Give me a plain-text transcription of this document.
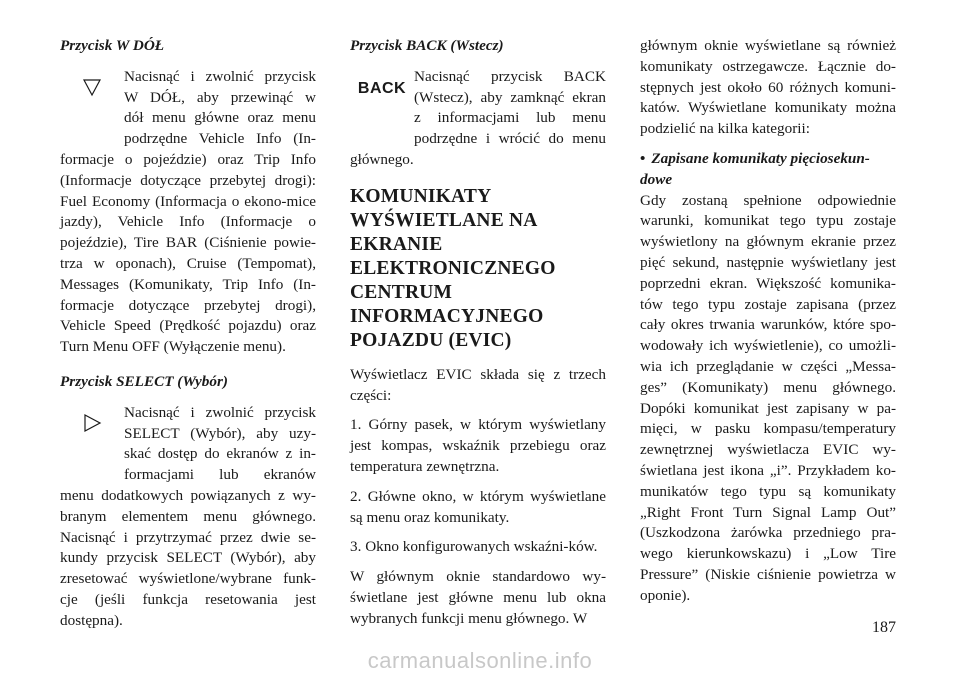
Przycisk W DÓŁ
Nacisnąć i zwolnić przycisk
W DÓŁ, aby przewinąć w
dół menu główne oraz menu
podrzędne Vehicle Info (In-

formacje o pojeździe) oraz Trip Info (Informacje dotyczące przebytej drogi): Fuel Economy (Informacja o ekono-mice jazdy), Vehicle Info (Informacje o pojeździe), Tire BAR (Ciśnienie powie-trza w oponach), Cruise (Tempomat), Messages (Komunikaty, Trip Info (In-formacje dotyczące przebytej drogi), Vehicle Speed (Prędkość pojazdu) oraz Turn Menu OFF (Wyłączenie menu).

Przycisk SELECT (Wybór)
Nacisnąć i zwolnić przycisk
SELECT (Wybór), aby uzy-
skać dostęp do ekranów z in-
formacjami lub ekranów

menu dodatkowych powiązanych z wy-branym elementem menu głównego. Nacisnąć i przytrzymać przez dwie se-kundy przycisk SELECT (Wybór), aby zresetować wyświetlone/wybrane funk-cje (jeśli funkcja resetowania jest dostępna).

Przycisk BACK (Wstecz)
BACK
Nacisnąć przycisk BACK
(Wstecz), aby zamknąć ekran
z informacjami lub menu
podrzędne i wrócić do menu

głównego.

KOMUNIKATY WYŚWIETLANE NA EKRANIE ELEKTRONICZNEGO CENTRUM INFORMACYJNEGO POJAZDU (EVIC)

Wyświetlacz EVIC składa się z trzech części:

1. Górny pasek, w którym wyświetlany jest kompas, wskaźnik przebiegu oraz temperatura zewnętrzna.

2. Główne okno, w którym wyświetlane są menu oraz komunikaty.

3. Okno konfigurowanych wskaźni-ków.

W głównym oknie standardowo wy-świetlane jest główne menu lub okna wybranych funkcji menu głównego. W

głównym oknie wyświetlane są również komunikaty ostrzegawcze. Łącznie do-stępnych jest około 60 różnych komuni-katów. Wyświetlane komunikaty można podzielić na kilka kategorii:

• Zapisane komunikaty pięciosekun-
dowe

Gdy zostaną spełnione odpowiednie warunki, komunikat tego typu zostaje wyświetlony na głównym ekranie przez pięć sekund, następnie wyświetlany jest poprzedni ekran. Większość komunika-tów tego typu zostaje zapisana (przez cały okres trwania warunków, które spo-wodowały ich wyświetlenie), co umożli-wia ich przeglądanie w części „Messa-ges” (Komunikaty) menu głównego. Dopóki komunikat jest zapisany w pa-mięci, w pasku kompasu/temperatury zewnętrznej wyświetlacza EVIC wy-świetlana jest ikona „i”. Przykładem ko-munikatów tego typu są komunikaty „Right Front Turn Signal Lamp Out” (Uszkodzona żarówka przedniego pra-wego kierunkowskazu) i „Low Tire Pressure” (Niskie ciśnienie powietrza w oponie).

187
carmanualsonline.info
